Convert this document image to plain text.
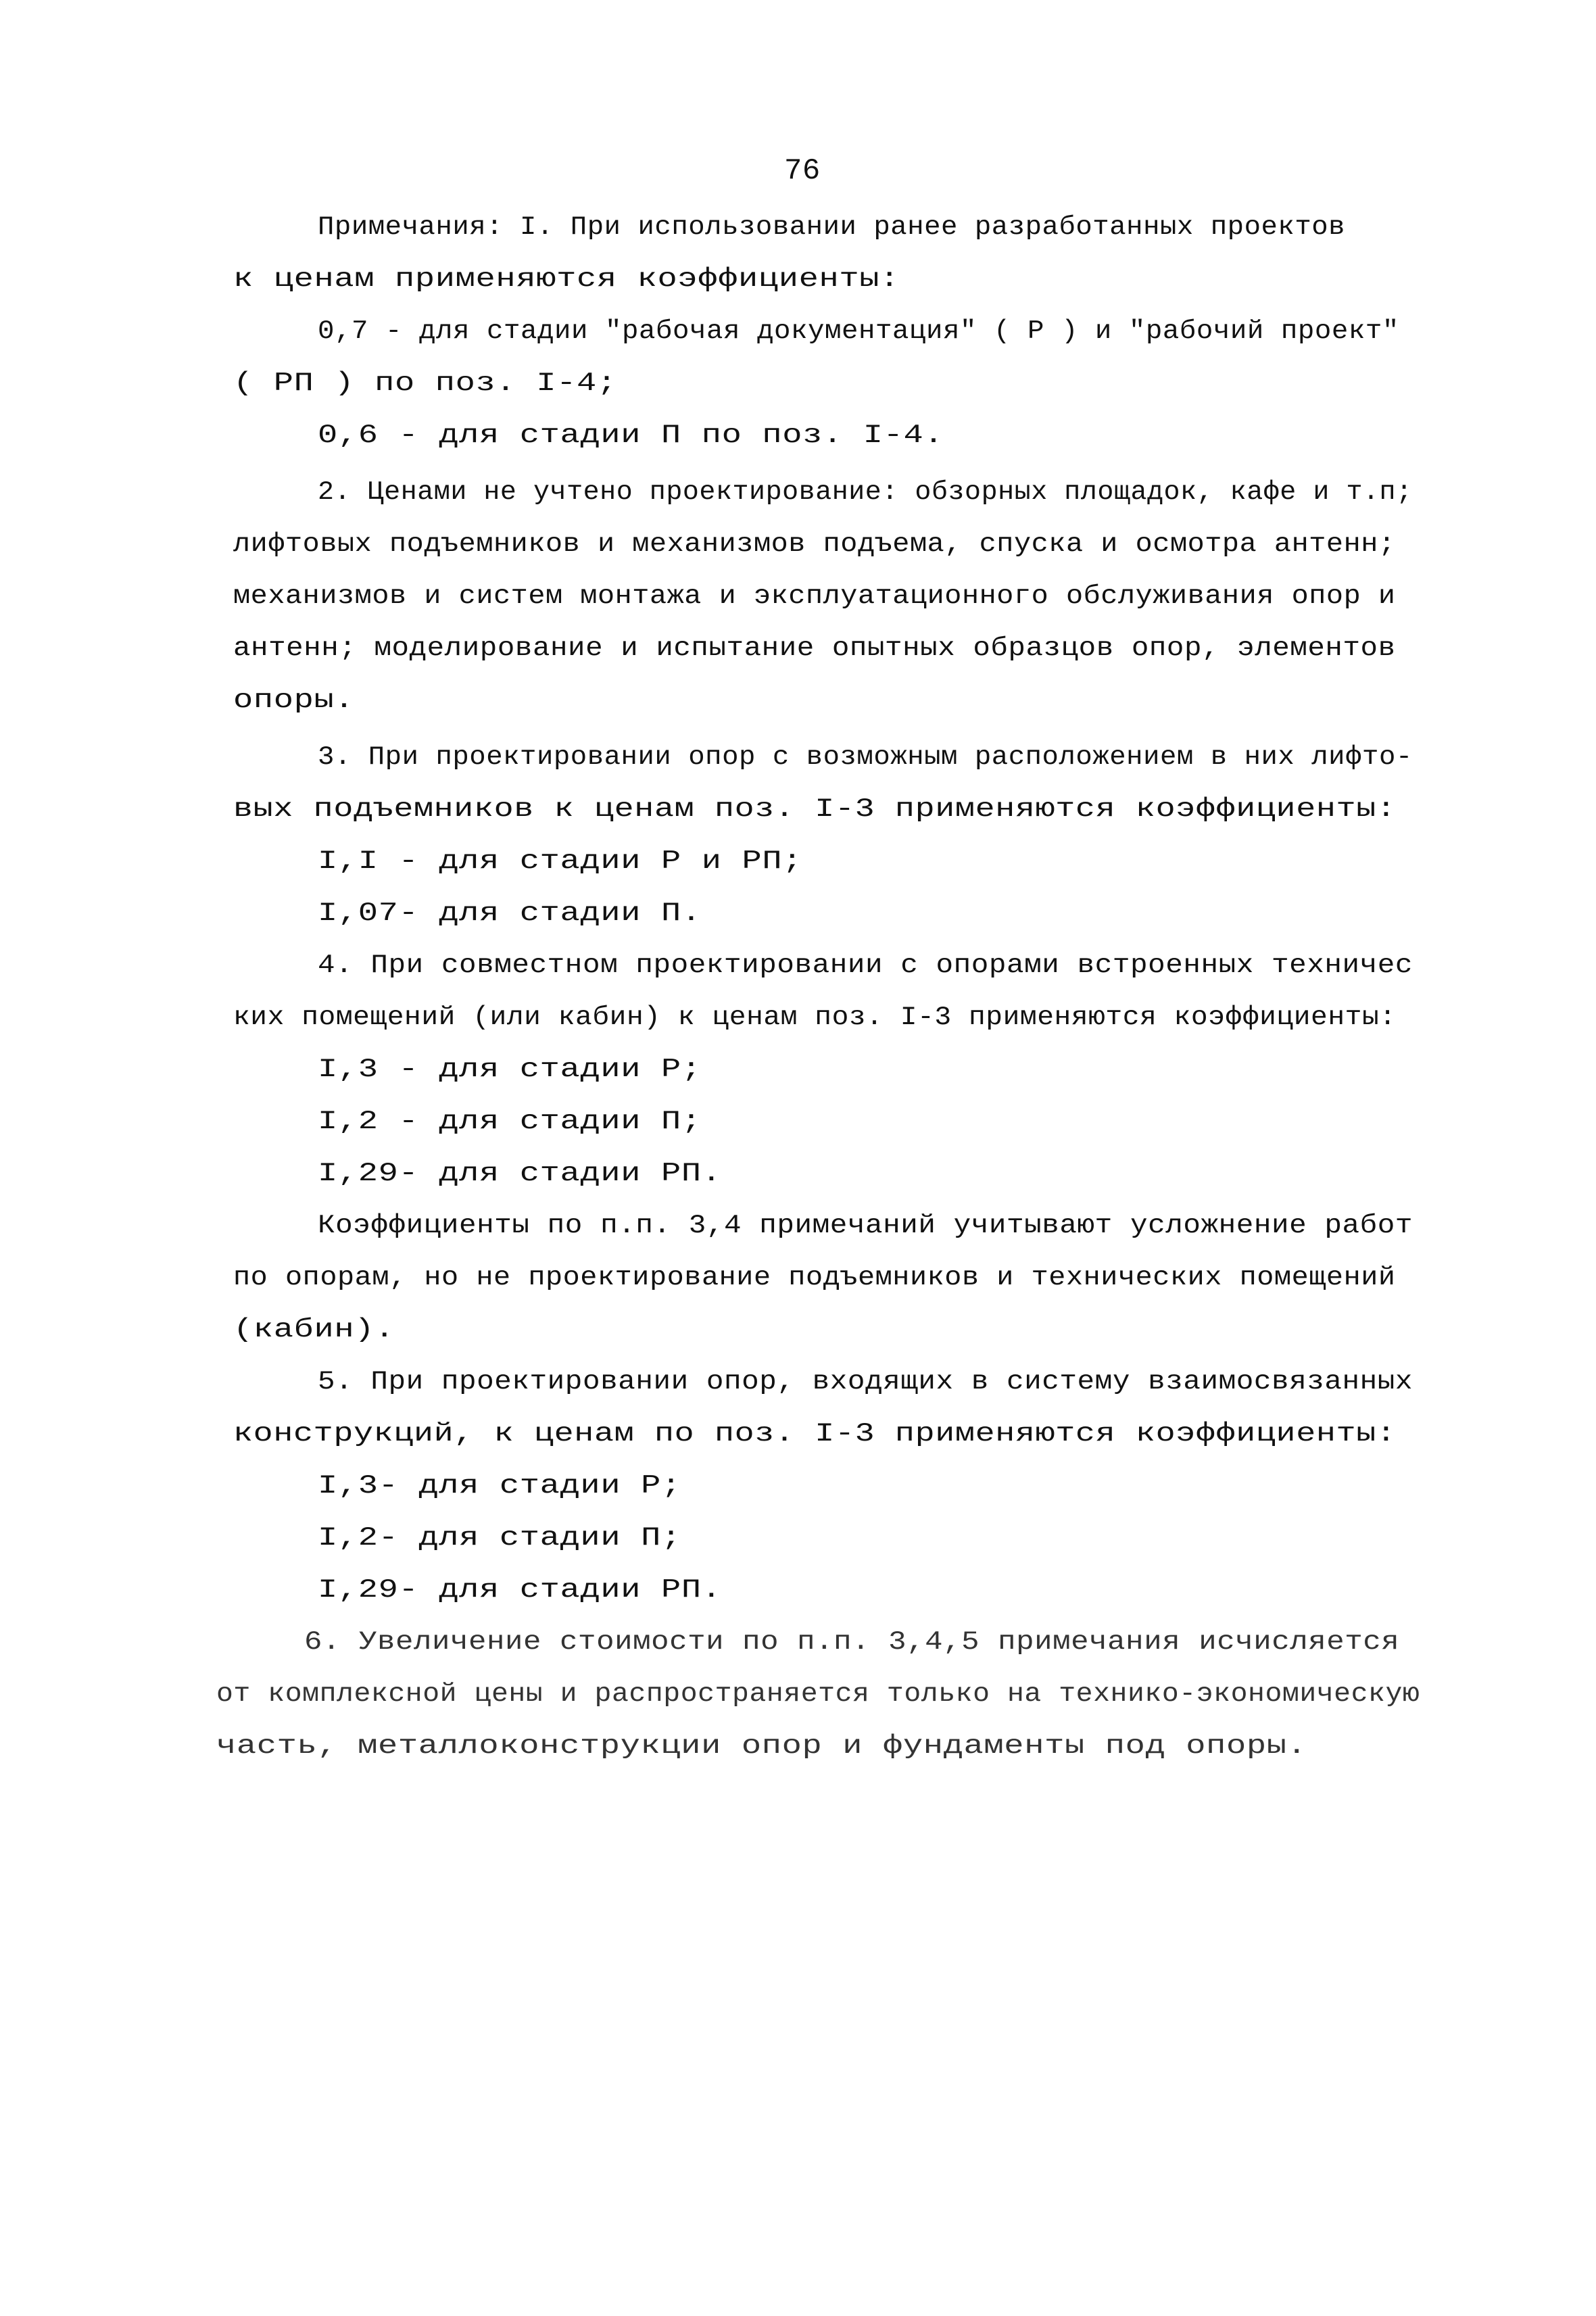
76
Примечания: I. При использовании ранее разработанных проектов
к ценам применяются коэффициенты:
0,7 - для стадии "рабочая документация" ( Р ) и "рабочий проект"
( РП ) по поз. I-4;
0,6 - для стадии П по поз. I-4.
2. Ценами не учтено проектирование: обзорных площадок, кафе и т.п;
лифтовых подъемников и механизмов подъема, спуска и осмотра антенн;
механизмов и систем монтажа и эксплуатационного обслуживания опор и
антенн; моделирование и испытание опытных образцов опор, элементов
опоры.
3. При проектировании опор с возможным расположением в них лифто-
вых подъемников к ценам поз. I-3 применяются коэффициенты:
I,I - для стадии Р и РП;
I,07- для стадии П.
4. При совместном проектировании с опорами встроенных техничес
ких помещений (или кабин) к ценам поз. I-3 применяются коэффициенты:
I,3 - для стадии Р;
I,2 - для стадии П;
I,29- для стадии РП.
Коэффициенты по п.п. 3,4 примечаний учитывают усложнение работ
по опорам, но не проектирование подъемников и технических помещений
(кабин).
5. При проектировании опор, входящих в систему взаимосвязанных
конструкций, к ценам по поз. I-3 применяются коэффициенты:
I,3- для стадии Р;
I,2- для стадии П;
I,29- для стадии РП.
6. Увеличение стоимости по п.п. 3,4,5 примечания исчисляется
от комплексной цены и распространяется только на технико-экономическую
часть, металлоконструкции опор и фундаменты под опоры.
